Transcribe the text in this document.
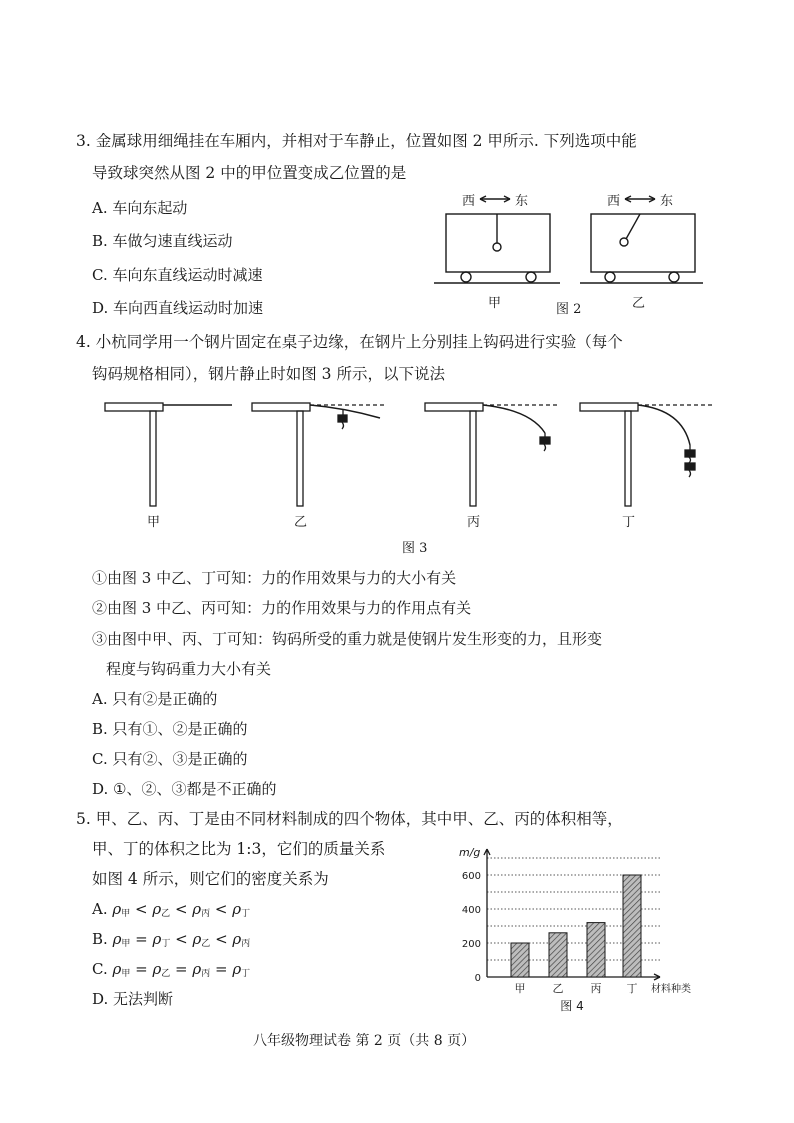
3. 金属球用细绳挂在车厢内，并相对于车静止，位置如图 2 甲所示. 下列选项中能
导致球突然从图 2 中的甲位置变成乙位置的是
A. 车向东起动
B. 车做匀速直线运动
C. 车向东直线运动时减速
D. 车向西直线运动时加速
西	东	西	东
甲	图 2	乙
4. 小杭同学用一个钢片固定在桌子边缘，在钢片上分别挂上钩码进行实验（每个
钩码规格相同），钢片静止时如图 3 所示，以下说法
甲	乙	丙	丁
图 3
①由图 3 中乙、丁可知：力的作用效果与力的大小有关
②由图 3 中乙、丙可知：力的作用效果与力的作用点有关
③由图中甲、丙、丁可知：钩码所受的重力就是使钢片发生形变的力，且形变
程度与钩码重力大小有关
A. 只有②是正确的
B. 只有①、②是正确的
C. 只有②、③是正确的
D. ①、②、③都是不正确的
5. 甲、乙、丙、丁是由不同材料制成的四个物体，其中甲、乙、丙的体积相等，
甲、丁的体积之比为 1:3，它们的质量关系
如图 4 所示，则它们的密度关系为
A. $\rho_甲 < \rho_乙 < \rho_丙 < \rho_丁$
B. $\rho_甲 = \rho_丁 < \rho_乙 < \rho_丙$
C. $\rho_甲 = \rho_乙 = \rho_丙 = \rho_丁$
D. 无法判断
0
200
400
600
m/g
甲 乙 丙 丁 材料种类
图 4
八年级物理试卷 第 2 页（共 8 页）
